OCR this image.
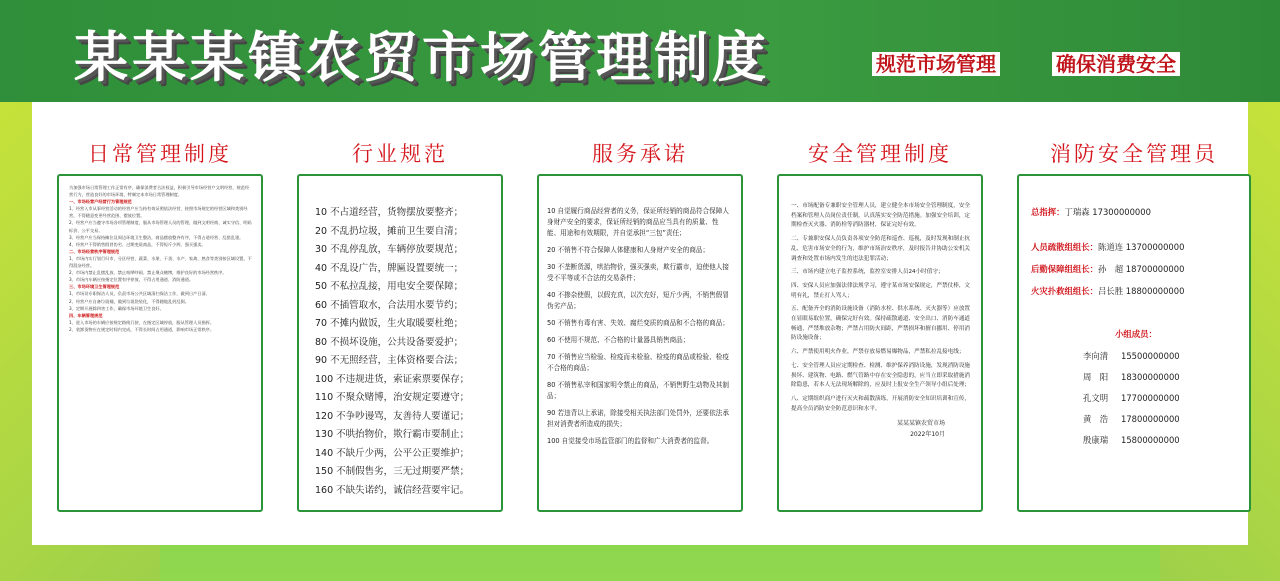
某某某镇农贸市场管理制度	规范市场管理	确保消费安全
日常管理制度	行业规范	服务承诺	安全管理制度	消防安全管理员

为加强市场日常管理工作正常有序，确保消费者合法权益，积极引导市场经营户文明经营，规范经营行为，营造良好的市场环境，特制定本市场日常管理制度。

一、市场经营户经营行为管理规范

1、经营入市从事经营活动的经营户应当持有效证照依法经营，按照市场规定的经营区域和类别经营，不得随意变更经营范围、摆放位置。

2、经营户应当遵守市场各项管理制度，服从市场管理人员的管理，做到文明经商、诚实守信、明码标价、公平交易。

3、经营户应当保持摊位及周边环境卫生整洁，商品摆放整齐有序，不得占道经营、乱搭乱建。

4、经营户不得销售假冒伪劣、过期变质商品，不得短斤少两、强买强卖。

二、市场经营秩序管理规范

1、市场内实行划行归市，分区经营，蔬菜、水果、干货、水产、家禽、熟食等类别按区域设置，不得混杂经营。

2、市场内禁止乱摆乱放、禁止喧哗吵闹、禁止聚众赌博，维护良好的市场经营秩序。

3、市场内车辆应按指定位置有序停放，不得占用通道、消防通道。

三、市场环境卫生管理规范

1、市场设专职保洁人员，负责市场公共区域清扫保洁工作，做到日产日清。

2、经营户应自备垃圾桶，做到垃圾袋装化，不得随地乱扔乱倒。

3、定期开展除四害工作，确保市场环境卫生良好。

四、车辆管理规范

1、进入市场的车辆应按规定路线行驶，在指定区域停放，服从管理人员指挥。

2、装卸货物应在规定时间内完成，不得长时间占用通道，影响市场正常秩序。

10 不占道经营，货物摆放要整齐；
20 不乱扔垃圾，摊前卫生要自清；
30 不乱停乱放，车辆停放要规范；
40 不乱设广告，牌匾设置要统一；
50 不私拉乱接，用电安全要保障；
60 不插管取水，合法用水要节约；
70 不摊内做饭，生火取暖要杜绝；
80 不损坏设施，公共设备要爱护；
90 不无照经营，主体资格要合法；
100 不违规进货，索证索票要保存；
110 不聚众赌博，治安规定要遵守；
120 不争吵谩骂，友善待人要谨记；
130 不哄抬物价，欺行霸市要制止；
140 不缺斤少两，公平公正要维护；
150 不制假售劣，三无过期要严禁；
160 不缺失诺约，诚信经营要牢记。

10 自觉履行商品经营者的义务，保证所经销的商品符合保障人身财产安全的要求，保证所经销的商品应当具有的质量、性能、用途和有效期限，并自觉承担“三包”责任；

20 不销售不符合保障人体健康和人身财产安全的商品；

30 不垄断货源，哄抬物价，强买强卖，欺行霸市，迫使他人接受不平等或不合法的交易条件；

40 不掺杂使假，以假充真，以次充好，短斤少两，不销售假冒伪劣产品；

50 不销售有毒有害、失效、腐烂变质的商品和不合格的商品；

60 不使用不规范、不合格的计量器具销售商品；

70 不销售应当检验、检疫而未检验、检疫的商品或检验、检疫不合格的商品；

80 不销售私宰和国家明令禁止的商品，不销售野生动物及其制品；

90 若违背以上承诺，除接受相关执法部门处罚外，还要依法承担对消费者所造成的损失；

100 自觉接受市场监管部门的监督和广大消费者的监督。

一、市场配备专兼职安全管理人员，建立健全本市场安全管理制度，安全档案和管理人员岗位责任制，认真落实安全防范措施。加强安全培训，定期检查灭火器、消防栓等消防器材，保证完好有效。

二、专兼职安保人员负责各项安全防范和巡查、巡视，及时发现和制止抗乱、危害市场安全的行为，维护市场治安秩序，及时报告并协助公安机关调查和处置市场内发生的违法犯罪活动；

三、市场内建立电子监控系统，监控室安排人员24小时值守；

四、安保人员应加强法律法规学习，遵守某市场安保规定，严禁仗棒，文明有礼，禁止打人骂人；

五、配备齐全的消防设施设备（消防水栓、供水系统、灭火器等）应放置在显眼易取位置，确保完好有效。保持疏散通道、安全出口、消防车通道畅通，严禁堆放杂物；严禁占用防火间距，严禁损坏和擅自挪用、停用消防设施设备；

六、严禁使用明火作业，严禁存放易燃易爆物品，严禁私拉乱接电线；

七、安全管理人员应定期检查、检测、维护保养消防设施，发现消防设施损坏、建筑物、电路、燃气管路中存在安全隐患的，应当立即采取措施消除隐患，若本人无法现场解除的，应及时上报安全生产领导小组后处理；

八、定期组织商户进行灭火和疏散演练，开展消防安全知识培训和宣传，提高全员消防安全防范意识和水平。

某某某镇农贸市场
2022年10月
总指挥：丁瑞森 17300000000
人员疏散组组长：陈道连 13700000000
后勤保障组组长：孙　超 18700000000
火灾扑救组组长：吕长胜 18800000000
小组成员：
李向清 15500000000
周　阳 18300000000
孔文明 17700000000
黄　浩 17800000000
殷康瑞 15800000000
